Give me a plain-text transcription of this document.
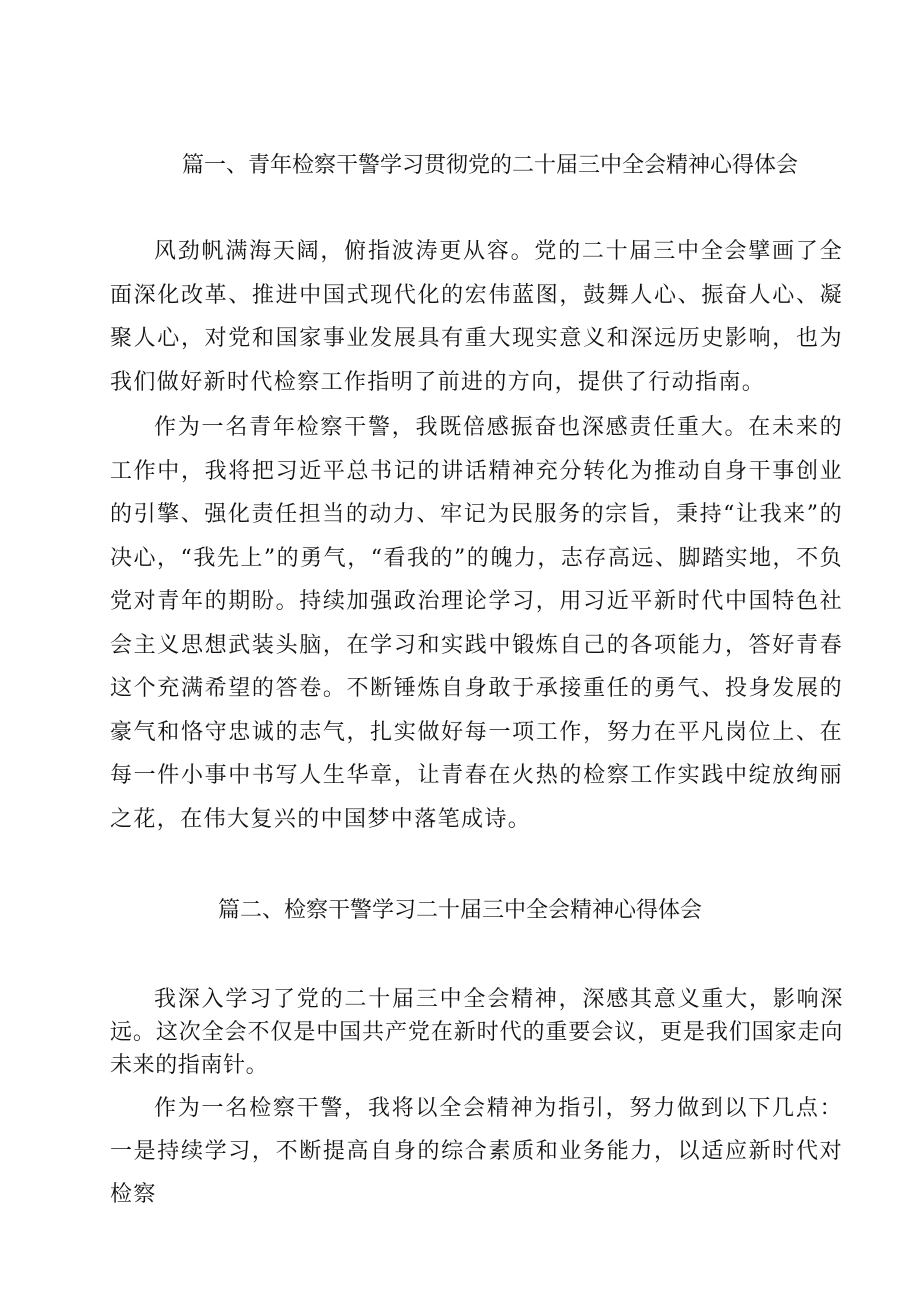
篇一、青年检察干警学习贯彻党的二十届三中全会精神心得体会

风劲帆满海天阔，俯指波涛更从容。党的二十届三中全会擘画了全面深化改革、推进中国式现代化的宏伟蓝图，鼓舞人心、振奋人心、凝聚人心，对党和国家事业发展具有重大现实意义和深远历史影响，也为我们做好新时代检察工作指明了前进的方向，提供了行动指南。

作为一名青年检察干警，我既倍感振奋也深感责任重大。在未来的工作中，我将把习近平总书记的讲话精神充分转化为推动自身干事创业的引擎、强化责任担当的动力、牢记为民服务的宗旨，秉持“让我来”的决心，“我先上”的勇气，“看我的”的魄力，志存高远、脚踏实地，不负党对青年的期盼。持续加强政治理论学习，用习近平新时代中国特色社会主义思想武装头脑，在学习和实践中锻炼自己的各项能力，答好青春这个充满希望的答卷。不断锤炼自身敢于承接重任的勇气、投身发展的豪气和恪守忠诚的志气，扎实做好每一项工作，努力在平凡岗位上、在每一件小事中书写人生华章，让青春在火热的检察工作实践中绽放绚丽之花，在伟大复兴的中国梦中落笔成诗。

篇二、检察干警学习二十届三中全会精神心得体会

我深入学习了党的二十届三中全会精神，深感其意义重大，影响深远。这次全会不仅是中国共产党在新时代的重要会议，更是我们国家走向未来的指南针。

作为一名检察干警，我将以全会精神为指引，努力做到以下几点：一是持续学习，不断提高自身的综合素质和业务能力，以适应新时代对检察
